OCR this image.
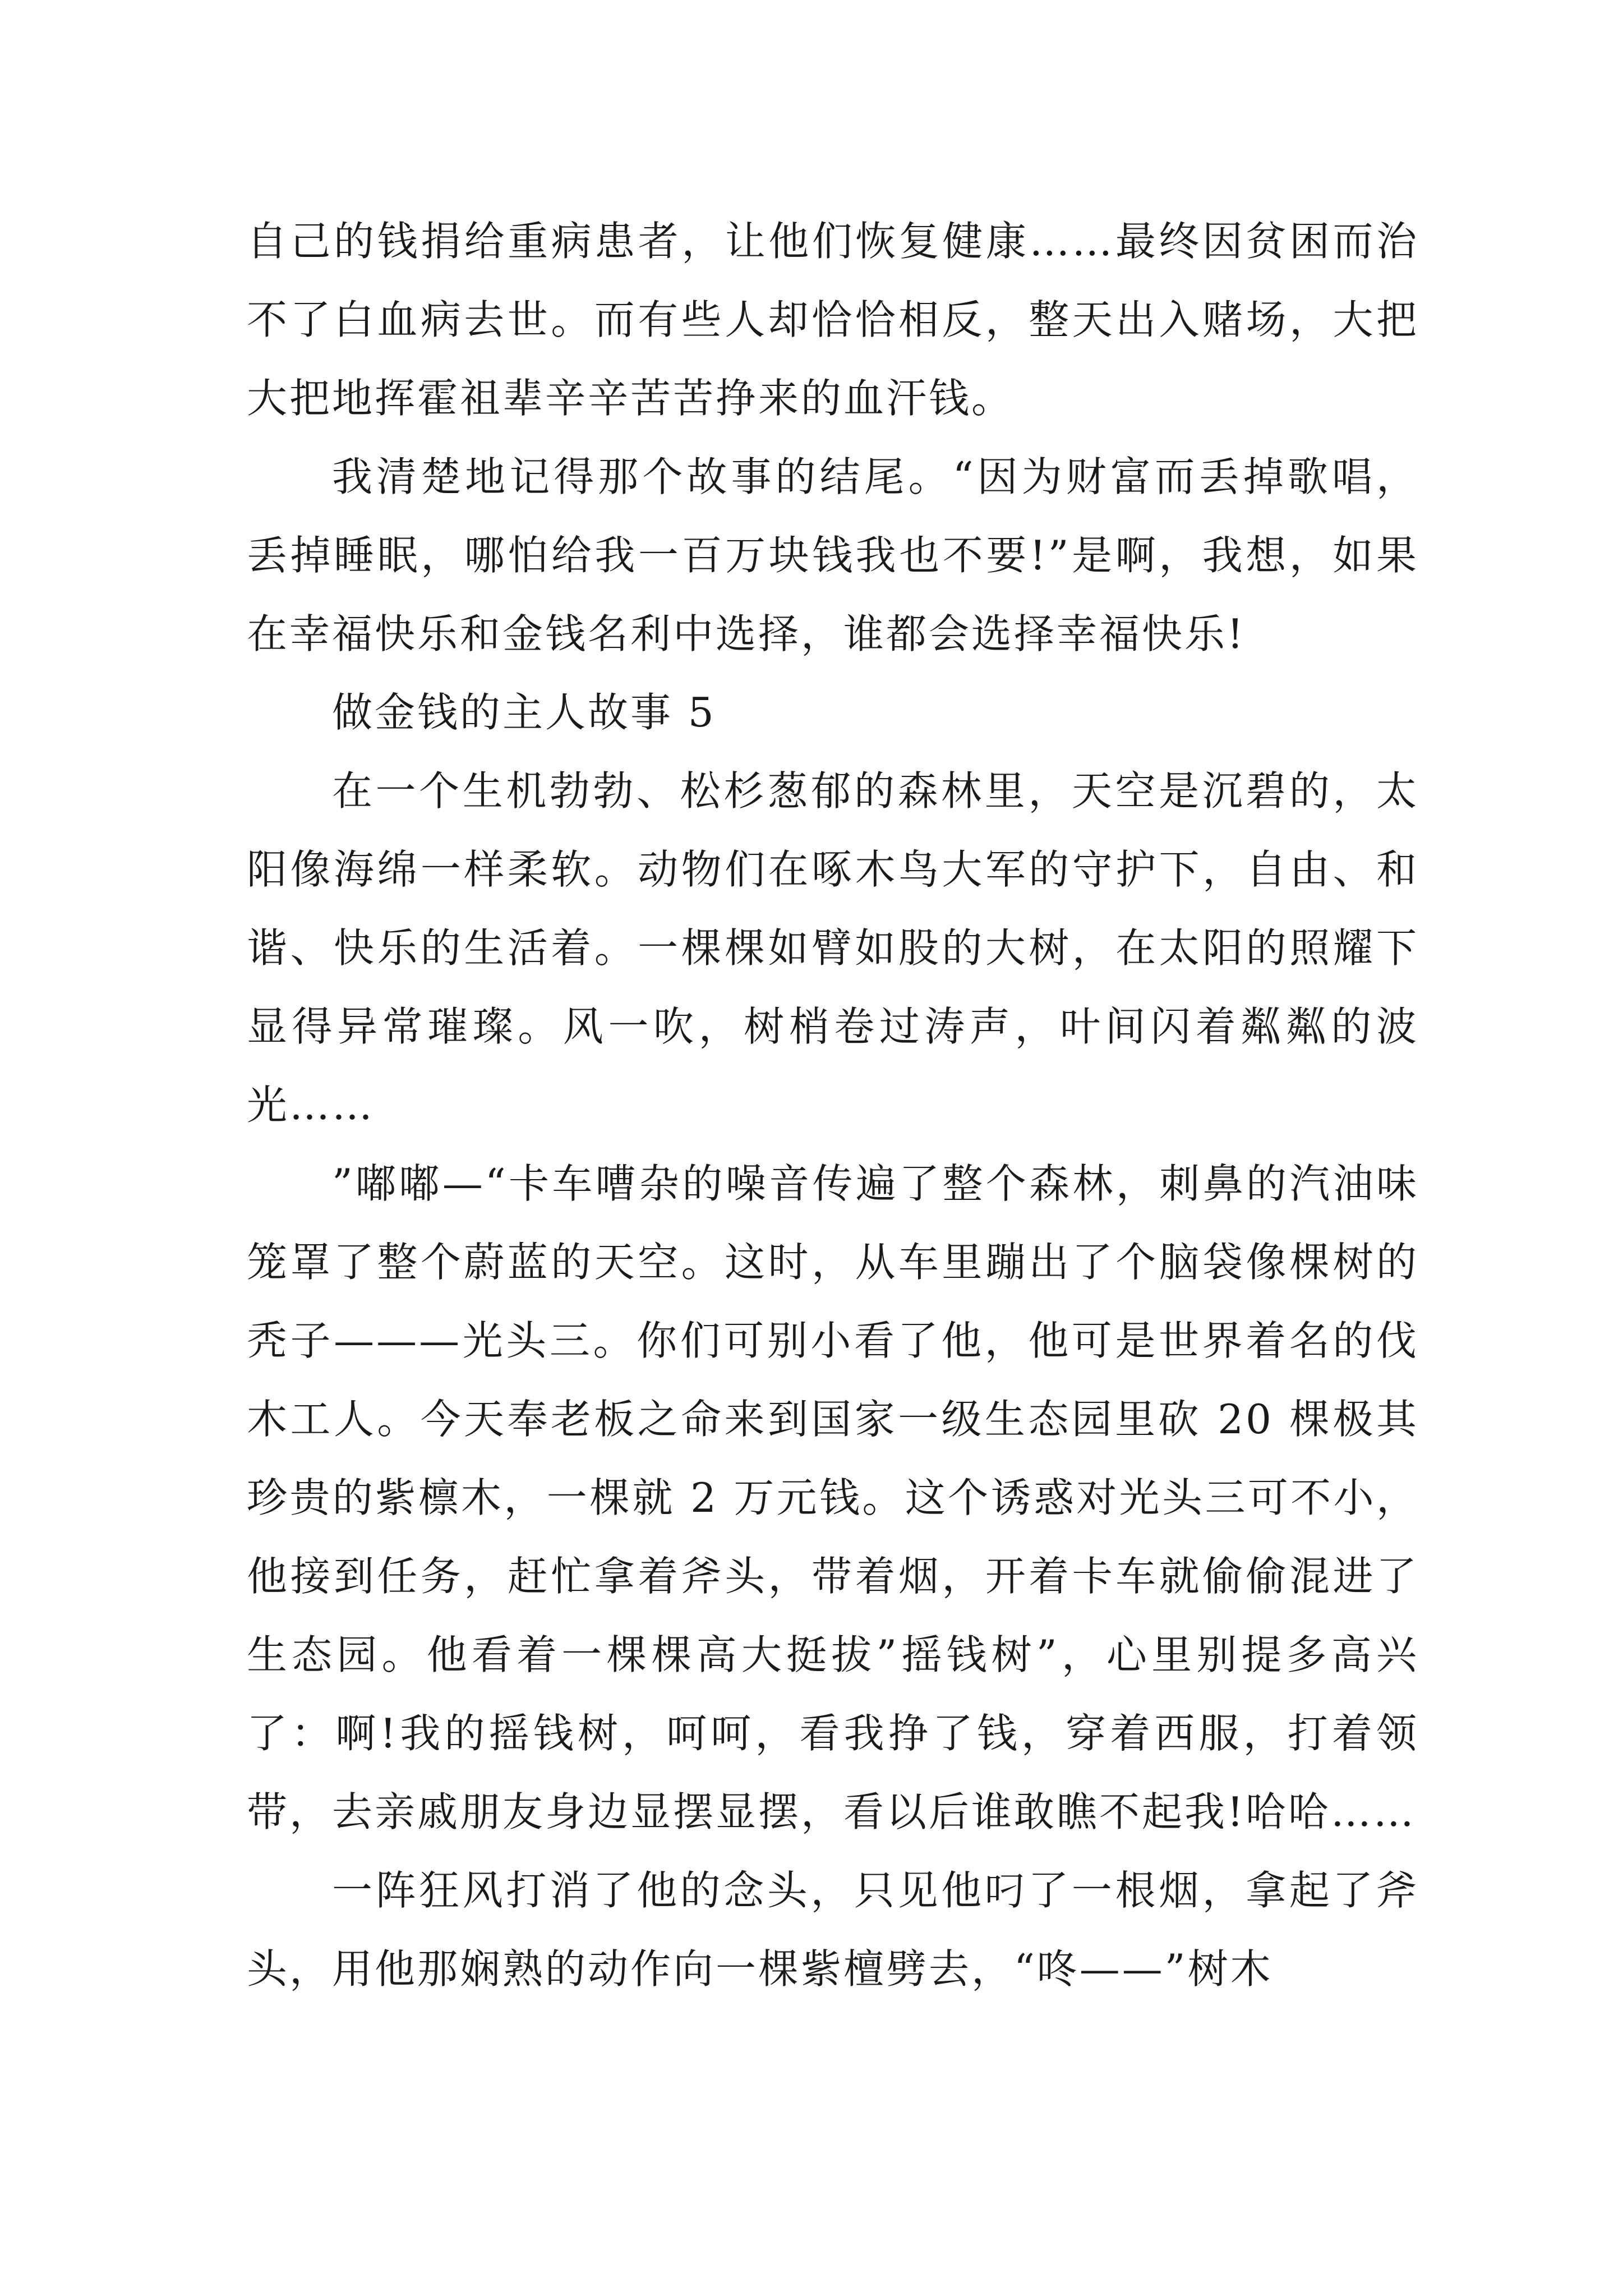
自己的钱捐给重病患者，让他们恢复健康……最终因贫困而治不了白血病去世。而有些人却恰恰相反，整天出入赌场，大把大把地挥霍祖辈辛辛苦苦挣来的血汗钱。

我清楚地记得那个故事的结尾。“因为财富而丢掉歌唱，丢掉睡眠，哪怕给我一百万块钱我也不要!”是啊，我想，如果在幸福快乐和金钱名利中选择，谁都会选择幸福快乐!

做金钱的主人故事 5

在一个生机勃勃、松杉葱郁的森林里，天空是沉碧的，太阳像海绵一样柔软。动物们在啄木鸟大军的守护下，自由、和谐、快乐的生活着。一棵棵如臂如股的大树，在太阳的照耀下显得异常璀璨。风一吹，树梢卷过涛声，叶间闪着粼粼的波光……

”嘟嘟—“卡车嘈杂的噪音传遍了整个森林，刺鼻的汽油味笼罩了整个蔚蓝的天空。这时，从车里蹦出了个脑袋像棵树的秃子———光头三。你们可别小看了他，他可是世界着名的伐木工人。今天奉老板之命来到国家一级生态园里砍 20 棵极其珍贵的紫檩木，一棵就 2 万元钱。这个诱惑对光头三可不小，他接到任务，赶忙拿着斧头，带着烟，开着卡车就偷偷混进了生态园。他看着一棵棵高大挺拔”摇钱树”，心里别提多高兴了：啊!我的摇钱树，呵呵，看我挣了钱，穿着西服，打着领带，去亲戚朋友身边显摆显摆，看以后谁敢瞧不起我!哈哈……

一阵狂风打消了他的念头，只见他叼了一根烟，拿起了斧头，用他那娴熟的动作向一棵紫檀劈去，“咚——”树木
